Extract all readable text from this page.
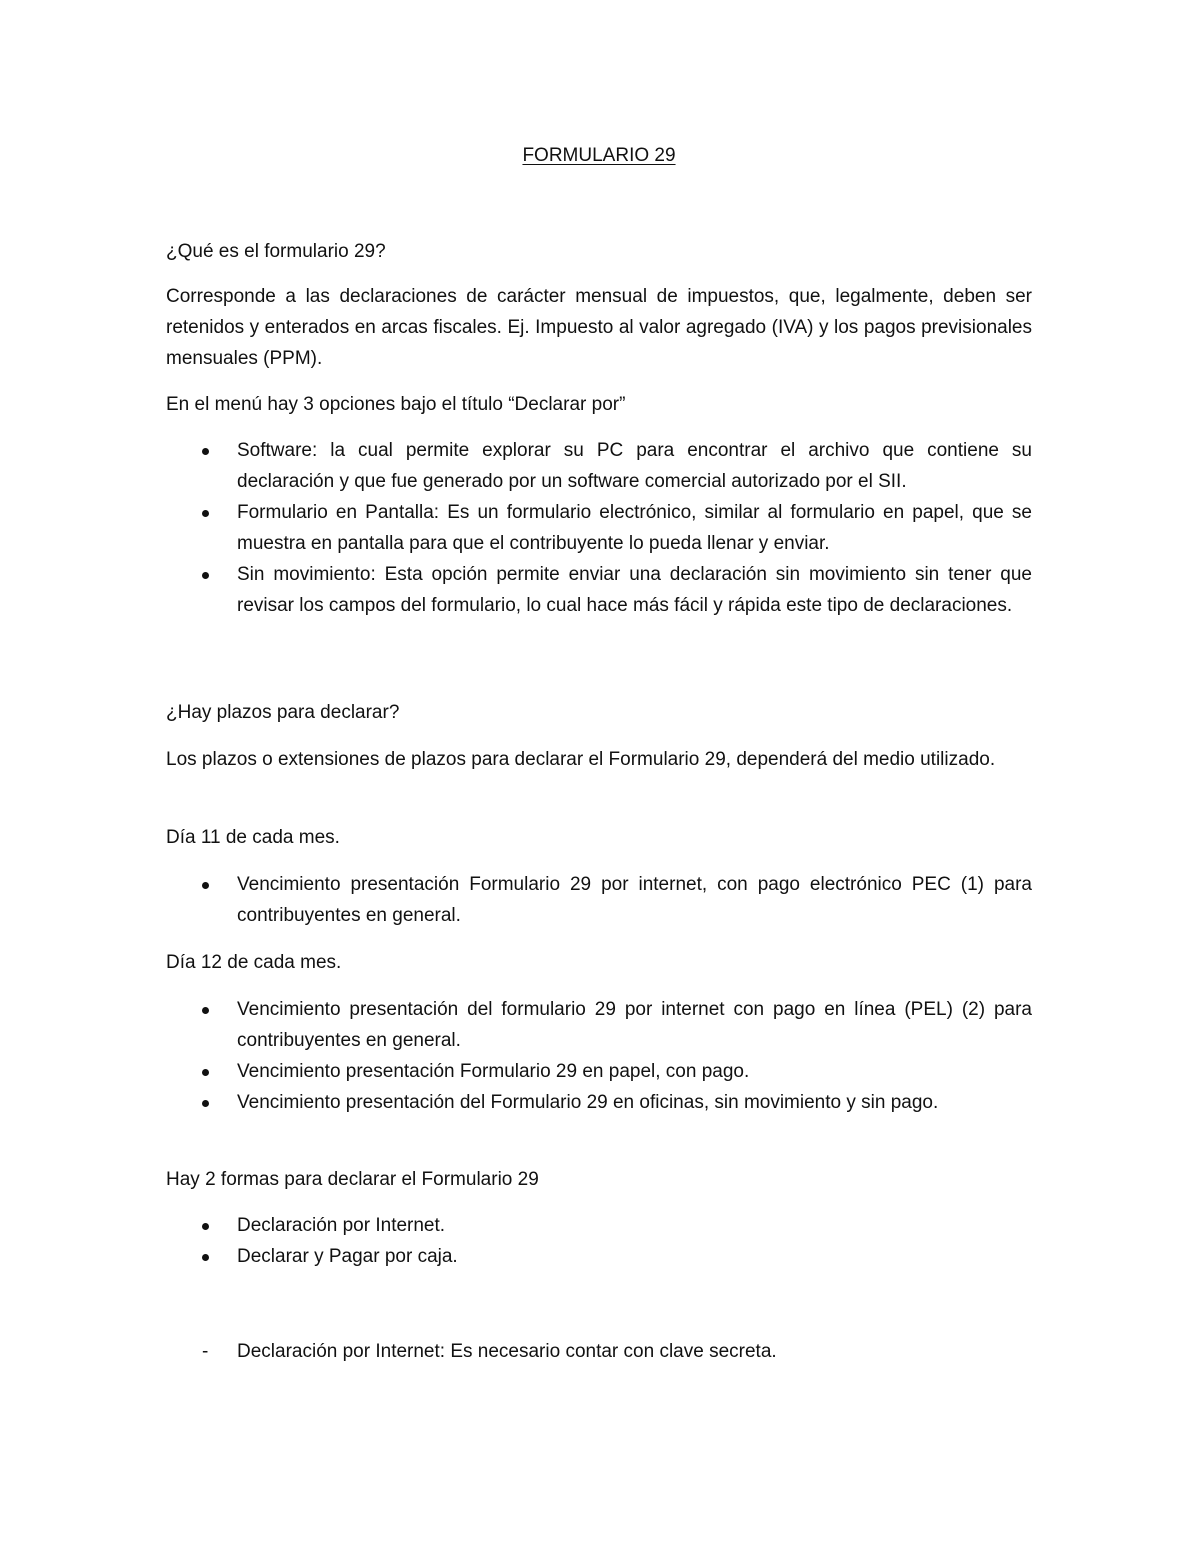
FORMULARIO 29

¿Qué es el formulario 29?

Corresponde a las declaraciones de carácter mensual de impuestos, que, legalmente, deben ser retenidos y enterados en arcas fiscales. Ej. Impuesto al valor agregado (IVA) y los pagos previsionales mensuales (PPM).

En el menú hay 3 opciones bajo el título “Declarar por”

Software: la cual permite explorar su PC para encontrar el archivo que contiene su declaración y que fue generado por un software comercial autorizado por el SII.
Formulario en Pantalla: Es un formulario electrónico, similar al formulario en papel, que se muestra en pantalla para que el contribuyente lo pueda llenar y enviar.
Sin movimiento: Esta opción permite enviar una declaración sin movimiento sin tener que revisar los campos del formulario, lo cual hace más fácil y rápida este tipo de declaraciones.

¿Hay plazos para declarar?

Los plazos o extensiones de plazos para declarar el Formulario 29, dependerá del medio utilizado.

Día 11 de cada mes.

Vencimiento presentación Formulario 29 por internet, con pago electrónico PEC (1) para contribuyentes en general.

Día 12 de cada mes.

Vencimiento presentación del formulario 29 por internet con pago en línea (PEL) (2) para contribuyentes en general.
Vencimiento presentación Formulario 29 en papel, con pago.
Vencimiento presentación del Formulario 29 en oficinas, sin movimiento y sin pago.

Hay 2 formas para declarar el Formulario 29

Declaración por Internet.
Declarar y Pagar por caja.
- Declaración por Internet: Es necesario contar con clave secreta.
